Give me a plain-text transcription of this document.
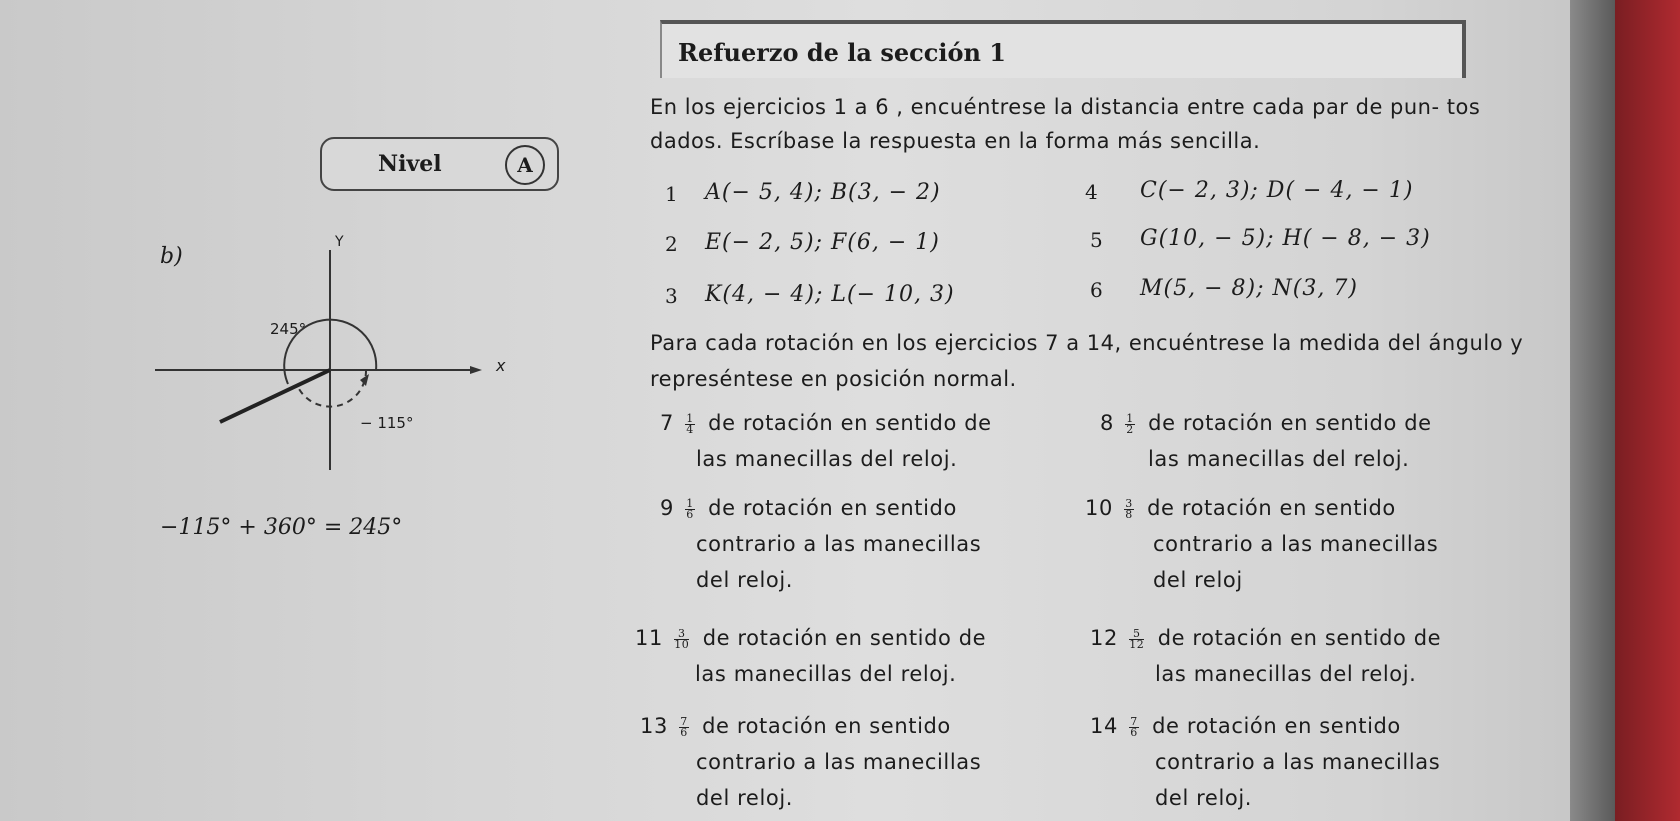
Refuerzo de la sección 1
En los ejercicios 1 a 6 , encuéntrese la distancia entre cada par de pun- tos dados. Escríbase la respuesta en la forma más sencilla.
Nivel	A
1 A(− 5, 4); B(3, − 2)
2 E(− 2, 5); F(6, − 1)
3 K(4, − 4); L(− 10, 3)
4 C(− 2, 3); D( − 4, − 1)
5 G(10, − 5); H( − 8, − 3)
6 M(5, − 8); N(3, 7)
Para cada rotación en los ejercicios 7 a 14, encuéntrese la medida del ángulo y represéntese en posición normal.
$7 \frac{1}{4}$ de rotación en sentido de
las manecillas del reloj.
$8 \frac{1}{2}$ de rotación en sentido de
las manecillas del reloj.
$9 \frac{1}{6}$ de rotación en sentido
contrario a las manecillas
del reloj.
$10 \frac{3}{8}$ de rotación en sentido
contrario a las manecillas
del reloj
$11 \frac{3}{10}$ de rotación en sentido de
las manecillas del reloj.
$12 \frac{5}{12}$ de rotación en sentido de
las manecillas del reloj.
$13 \frac{7}{6}$ de rotación en sentido
contrario a las manecillas
del reloj.
$14 \frac{7}{6}$ de rotación en sentido
contrario a las manecillas
del reloj.
b)
Y
x
245°
− 115°
−115° + 360° = 245°
